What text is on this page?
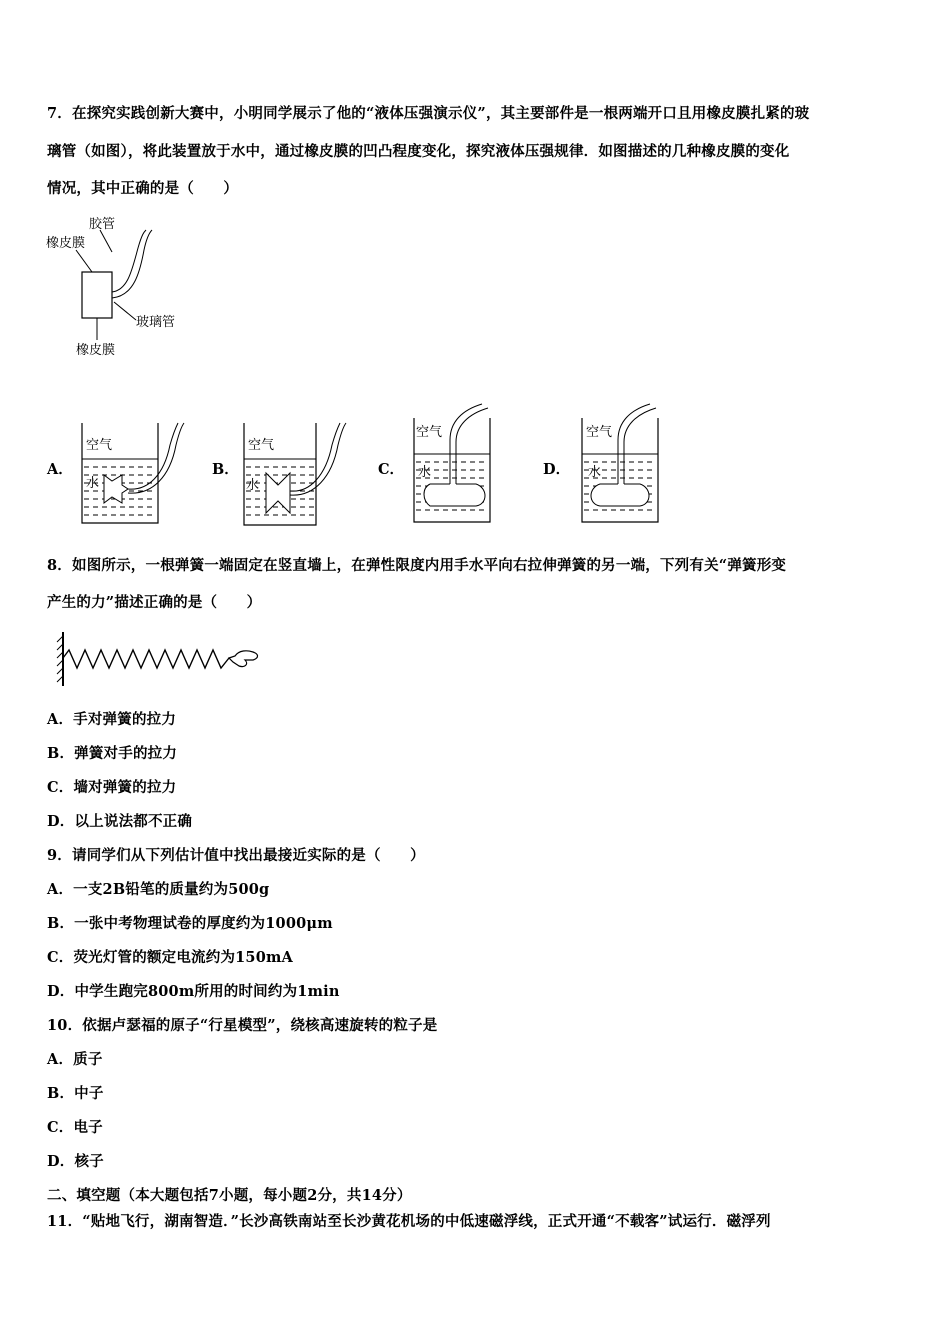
7．在探究实践创新大赛中，小明同学展示了他的“液体压强演示仪”，其主要部件是一根两端开口且用橡皮膜扎紧的玻
璃管（如图），将此装置放于水中，通过橡皮膜的凹凸程度变化，探究液体压强规律．如图描述的几种橡皮膜的变化
情况，其中正确的是（　　）
胶管
橡皮膜
玻璃管
橡皮膜
A．	B．	C．	D．
空气
水
空气
水
空气
水
空气
水
8．如图所示，一根弹簧一端固定在竖直墙上，在弹性限度内用手水平向右拉伸弹簧的另一端，下列有关“弹簧形变
产生的力”描述正确的是（　　）
A．手对弹簧的拉力
B．弹簧对手的拉力
C．墙对弹簧的拉力
D．以上说法都不正确
9．请同学们从下列估计值中找出最接近实际的是（　　）
A．一支2B铅笔的质量约为500g
B．一张中考物理试卷的厚度约为1000μm
C．荧光灯管的额定电流约为150mA
D．中学生跑完800m所用的时间约为1min
10．依据卢瑟福的原子“行星模型”，绕核高速旋转的粒子是
A．质子
B．中子
C．电子
D．核子
二、填空题（本大题包括7小题，每小题2分，共14分）
11．“贴地飞行，湖南智造．”长沙高铁南站至长沙黄花机场的中低速磁浮线，正式开通“不载客”试运行．磁浮列
